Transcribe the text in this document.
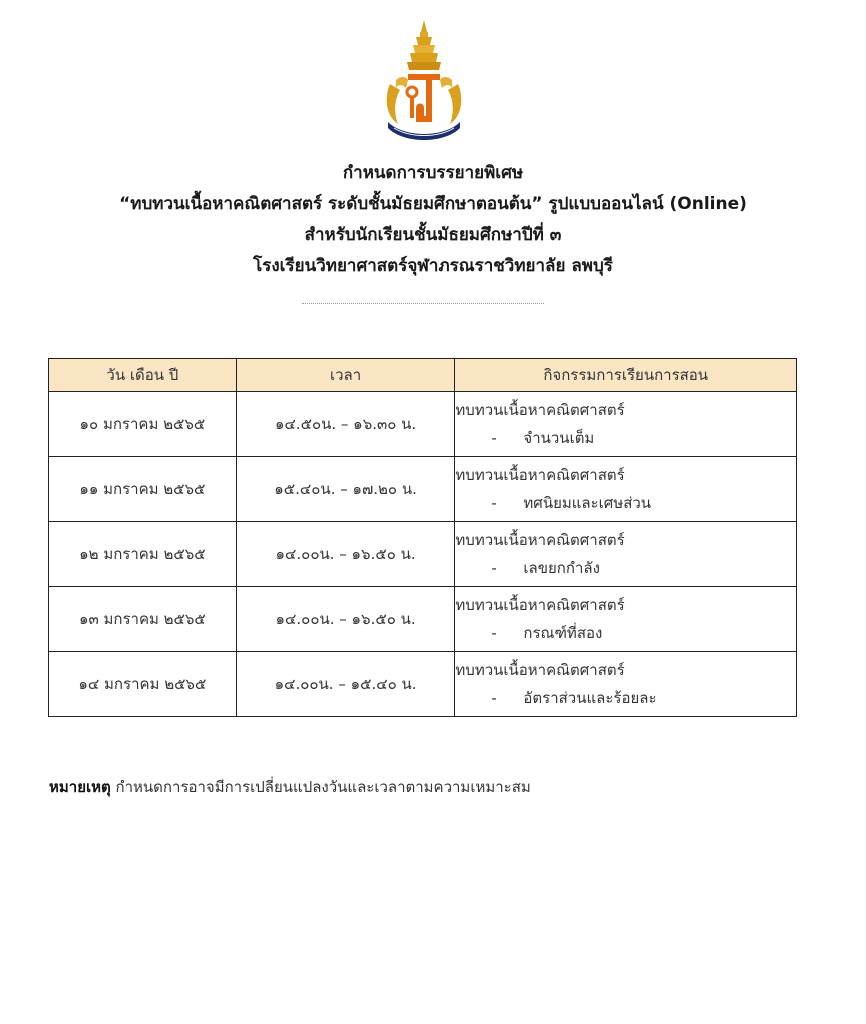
กำหนดการบรรยายพิเศษ
“ทบทวนเนื้อหาคณิตศาสตร์ ระดับชั้นมัธยมศึกษาตอนต้น” รูปแบบออนไลน์ (Online)
สำหรับนักเรียนชั้นมัธยมศึกษาปีที่ ๓
โรงเรียนวิทยาศาสตร์จุฬาภรณราชวิทยาลัย ลพบุรี
วัน เดือน ปี	เวลา	กิจกรรมการเรียนการสอน
๑๐ มกราคม ๒๕๖๕	๑๔.๕๐น. – ๑๖.๓๐ น.	ทบทวนเนื้อหาคณิตศาสตร์
- จำนวนเต็ม

๑๑ มกราคม ๒๕๖๕	๑๕.๔๐น. – ๑๗.๒๐ น.	ทบทวนเนื้อหาคณิตศาสตร์
- ทศนิยมและเศษส่วน

๑๒ มกราคม ๒๕๖๕	๑๔.๐๐น. – ๑๖.๕๐ น.	ทบทวนเนื้อหาคณิตศาสตร์
- เลขยกกำลัง

๑๓ มกราคม ๒๕๖๕	๑๔.๐๐น. – ๑๖.๕๐ น.	ทบทวนเนื้อหาคณิตศาสตร์
- กรณฑ์ที่สอง

๑๔ มกราคม ๒๕๖๕	๑๔.๐๐น. – ๑๕.๔๐ น.	ทบทวนเนื้อหาคณิตศาสตร์
- อัตราส่วนและร้อยละ
หมายเหตุ กำหนดการอาจมีการเปลี่ยนแปลงวันและเวลาตามความเหมาะสม
